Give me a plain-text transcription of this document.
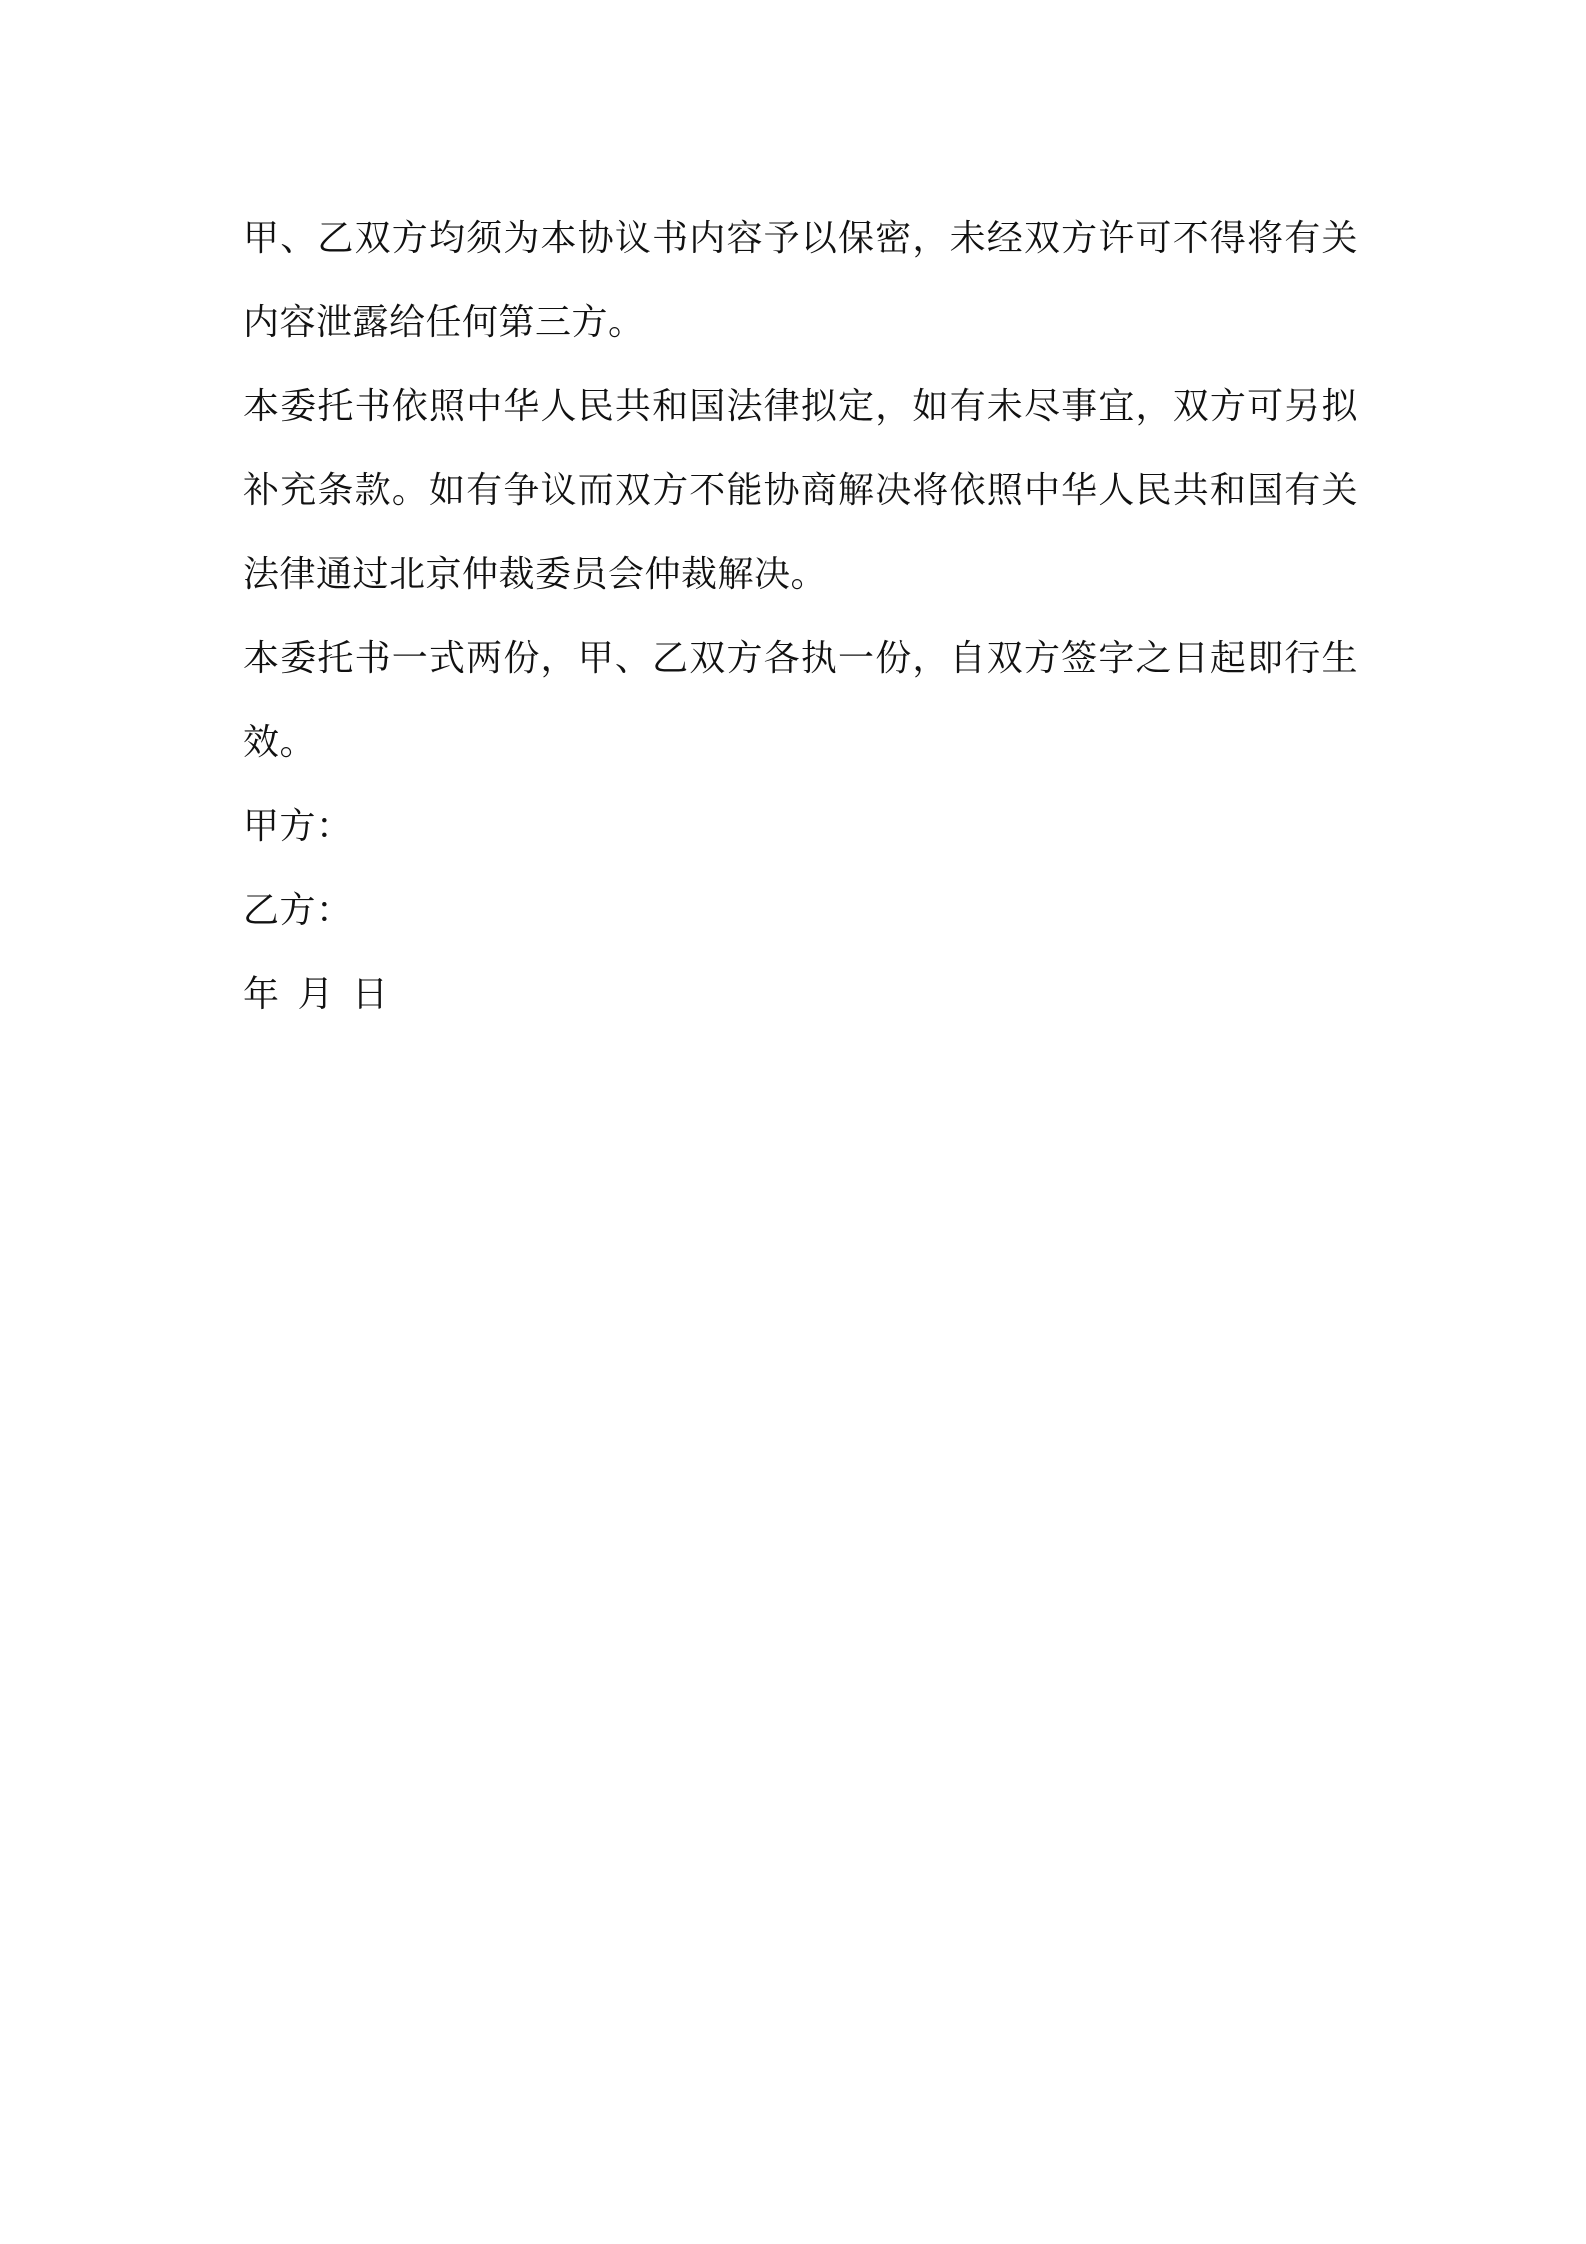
甲、乙双方均须为本协议书内容予以保密，未经双方许可不得将有关内容泄露给任何第三方。

本委托书依照中华人民共和国法律拟定，如有未尽事宜，双方可另拟补充条款。如有争议而双方不能协商解决将依照中华人民共和国有关法律通过北京仲裁委员会仲裁解决。

本委托书一式两份，甲、乙双方各执一份，自双方签字之日起即行生效。

甲方：

乙方：

年 月 日
